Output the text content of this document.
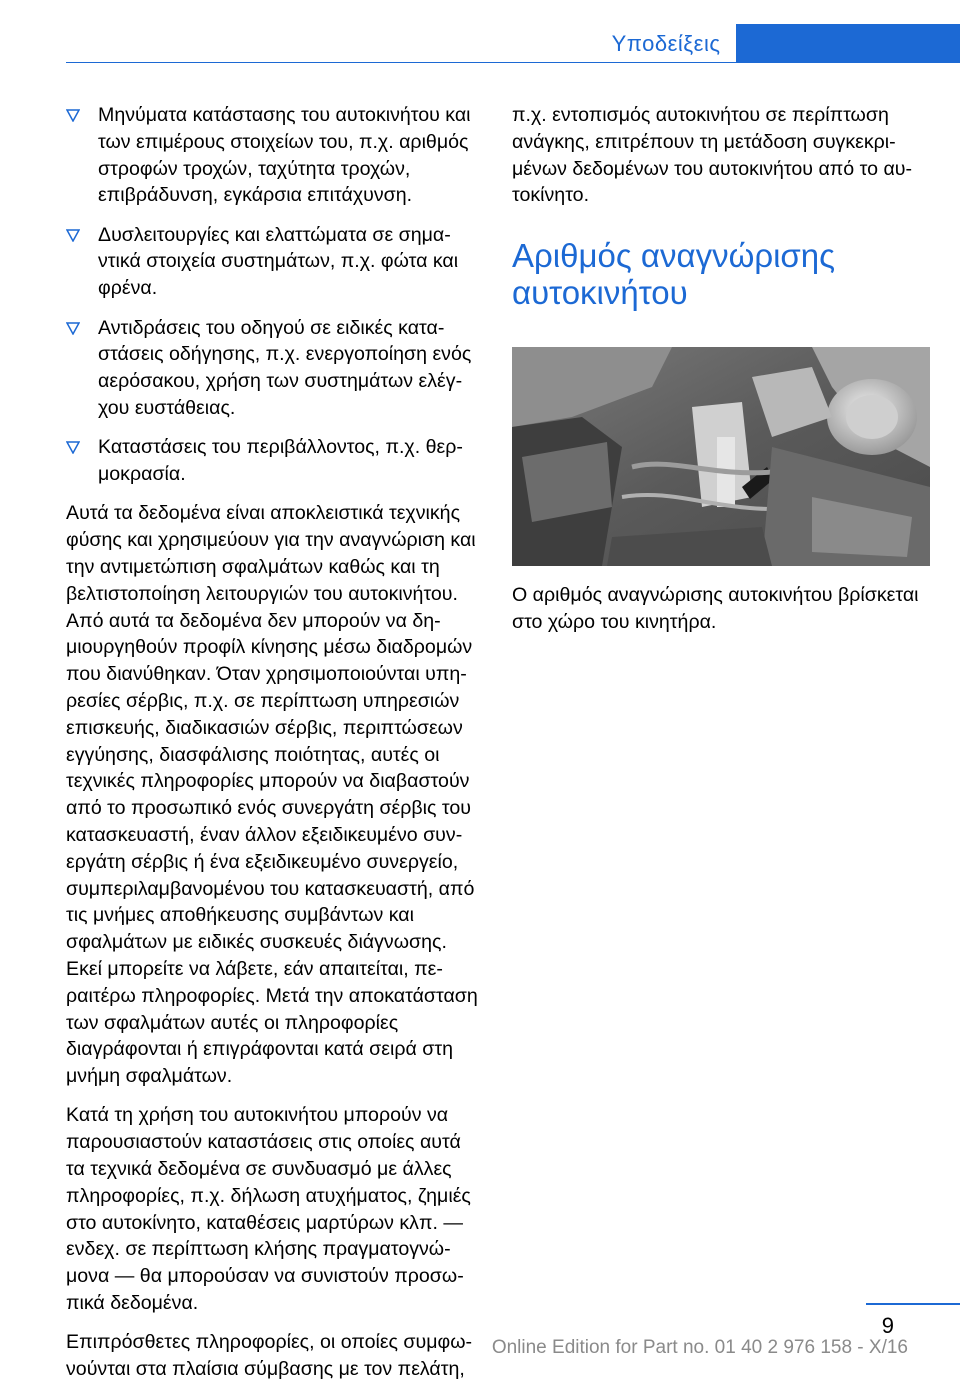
Υποδείξεις
Μηνύματα κατάστασης του αυτοκινήτου και των επιμέρους στοιχείων του, π.χ. αριθμός στροφών τροχών, ταχύτητα τροχών, επιβράδυνση, εγκάρσια επιτάχυνση.
Δυσλειτουργίες και ελαττώματα σε σημαντικά στοιχεία συστημάτων, π.χ. φώτα και φρένα.
Αντιδράσεις του οδηγού σε ειδικές καταστάσεις οδήγησης, π.χ. ενεργοποίηση ενός αερόσακου, χρήση των συστημάτων ελέγχου ευστάθειας.
Καταστάσεις του περιβάλλοντος, π.χ. θερμοκρασία.

Αυτά τα δεδομένα είναι αποκλειστικά τεχνικής φύσης και χρησιμεύουν για την αναγνώριση και την αντιμετώπιση σφαλμάτων καθώς και τη βελτιστοποίηση λειτουργιών του αυτοκινήτου. Από αυτά τα δεδομένα δεν μπορούν να δημιουργηθούν προφίλ κίνησης μέσω διαδρομών που διανύθηκαν. Όταν χρησιμοποιούνται υπηρεσίες σέρβις, π.χ. σε περίπτωση υπηρεσιών επισκευής, διαδικασιών σέρβις, περιπτώσεων εγγύησης, διασφάλισης ποιότητας, αυτές οι τεχνικές πληροφορίες μπορούν να διαβαστούν από το προσωπικό ενός συνεργάτη σέρβις του κατασκευαστή, έναν άλλον εξειδικευμένο συνεργάτη σέρβις ή ένα εξειδικευμένο συνεργείο, συμπεριλαμβανομένου του κατασκευαστή, από τις μνήμες αποθήκευσης συμβάντων και σφαλμάτων με ειδικές συσκευές διάγνωσης. Εκεί μπορείτε να λάβετε, εάν απαιτείται, περαιτέρω πληροφορίες. Μετά την αποκατάσταση των σφαλμάτων αυτές οι πληροφορίες διαγράφονται ή επιγράφονται κατά σειρά στη μνήμη σφαλμάτων.

Κατά τη χρήση του αυτοκινήτου μπορούν να παρουσιαστούν καταστάσεις στις οποίες αυτά τα τεχνικά δεδομένα σε συνδυασμό με άλλες πληροφορίες, π.χ. δήλωση ατυχήματος, ζημιές στο αυτοκίνητο, καταθέσεις μαρτύρων κλπ. — ενδεχ. σε περίπτωση κλήσης πραγματογνώμονα — θα μπορούσαν να συνιστούν προσωπικά δεδομένα.

Επιπρόσθετες πληροφορίες, οι οποίες συμφωνούνται στα πλαίσια σύμβασης με τον πελάτη,

π.χ. εντοπισμός αυτοκινήτου σε περίπτωση ανάγκης, επιτρέπουν τη μετάδοση συγκεκριμένων δεδομένων του αυτοκινήτου από το αυτοκίνητο.

Αριθμός αναγνώρισης αυτοκινήτου

Ο αριθμός αναγνώρισης αυτοκινήτου βρίσκεται στο χώρο του κινητήρα.

9
Online Edition for Part no. 01 40 2 976 158 - X/16
